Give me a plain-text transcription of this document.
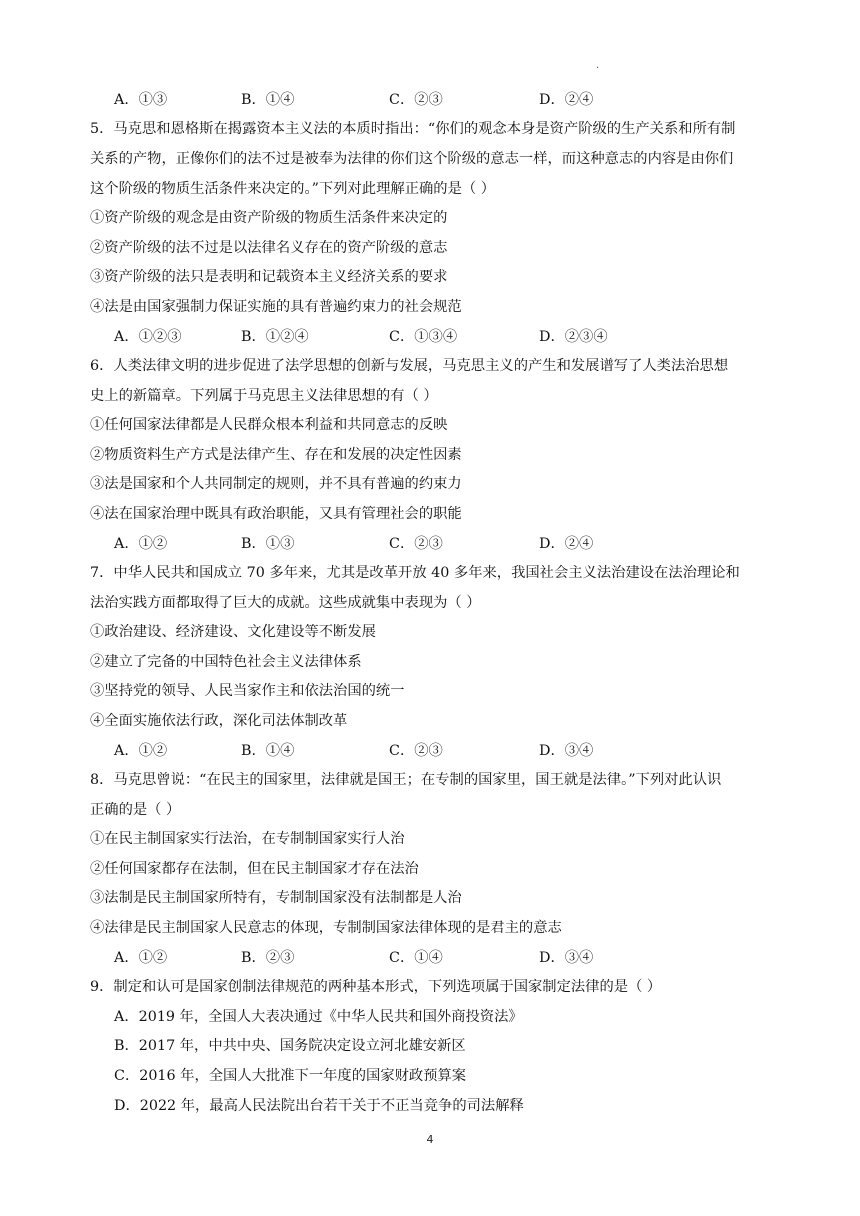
·
A．①③	B．①④	C．②③	D．②④
5．马克思和恩格斯在揭露资本主义法的本质时指出：“你们的观念本身是资产阶级的生产关系和所有制
关系的产物，正像你们的法不过是被奉为法律的你们这个阶级的意志一样，而这种意志的内容是由你们
这个阶级的物质生活条件来决定的。”下列对此理解正确的是（ ）
①资产阶级的观念是由资产阶级的物质生活条件来决定的
②资产阶级的法不过是以法律名义存在的资产阶级的意志
③资产阶级的法只是表明和记载资本主义经济关系的要求
④法是由国家强制力保证实施的具有普遍约束力的社会规范
A．①②③	B．①②④	C．①③④	D．②③④
6．人类法律文明的进步促进了法学思想的创新与发展，马克思主义的产生和发展谱写了人类法治思想
史上的新篇章。下列属于马克思主义法律思想的有（ ）
①任何国家法律都是人民群众根本利益和共同意志的反映
②物质资料生产方式是法律产生、存在和发展的决定性因素
③法是国家和个人共同制定的规则，并不具有普遍的约束力
④法在国家治理中既具有政治职能，又具有管理社会的职能
A．①②	B．①③	C．②③	D．②④
7．中华人民共和国成立 70 多年来，尤其是改革开放 40 多年来，我国社会主义法治建设在法治理论和
法治实践方面都取得了巨大的成就。这些成就集中表现为（ ）
①政治建设、经济建设、文化建设等不断发展
②建立了完备的中国特色社会主义法律体系
③坚持党的领导、人民当家作主和依法治国的统一
④全面实施依法行政，深化司法体制改革
A．①②	B．①④	C．②③	D．③④
8．马克思曾说：“在民主的国家里，法律就是国王；在专制的国家里，国王就是法律。”下列对此认识
正确的是（ ）
①在民主制国家实行法治，在专制制国家实行人治
②任何国家都存在法制，但在民主制国家才存在法治
③法制是民主制国家所特有，专制制国家没有法制都是人治
④法律是民主制国家人民意志的体现，专制制国家法律体现的是君主的意志
A．①②	B．②③	C．①④	D．③④
9．制定和认可是国家创制法律规范的两种基本形式，下列选项属于国家制定法律的是（ ）
A．2019 年，全国人大表决通过《中华人民共和国外商投资法》
B．2017 年，中共中央、国务院决定设立河北雄安新区
C．2016 年，全国人大批准下一年度的国家财政预算案
D．2022 年，最高人民法院出台若干关于不正当竞争的司法解释
4
